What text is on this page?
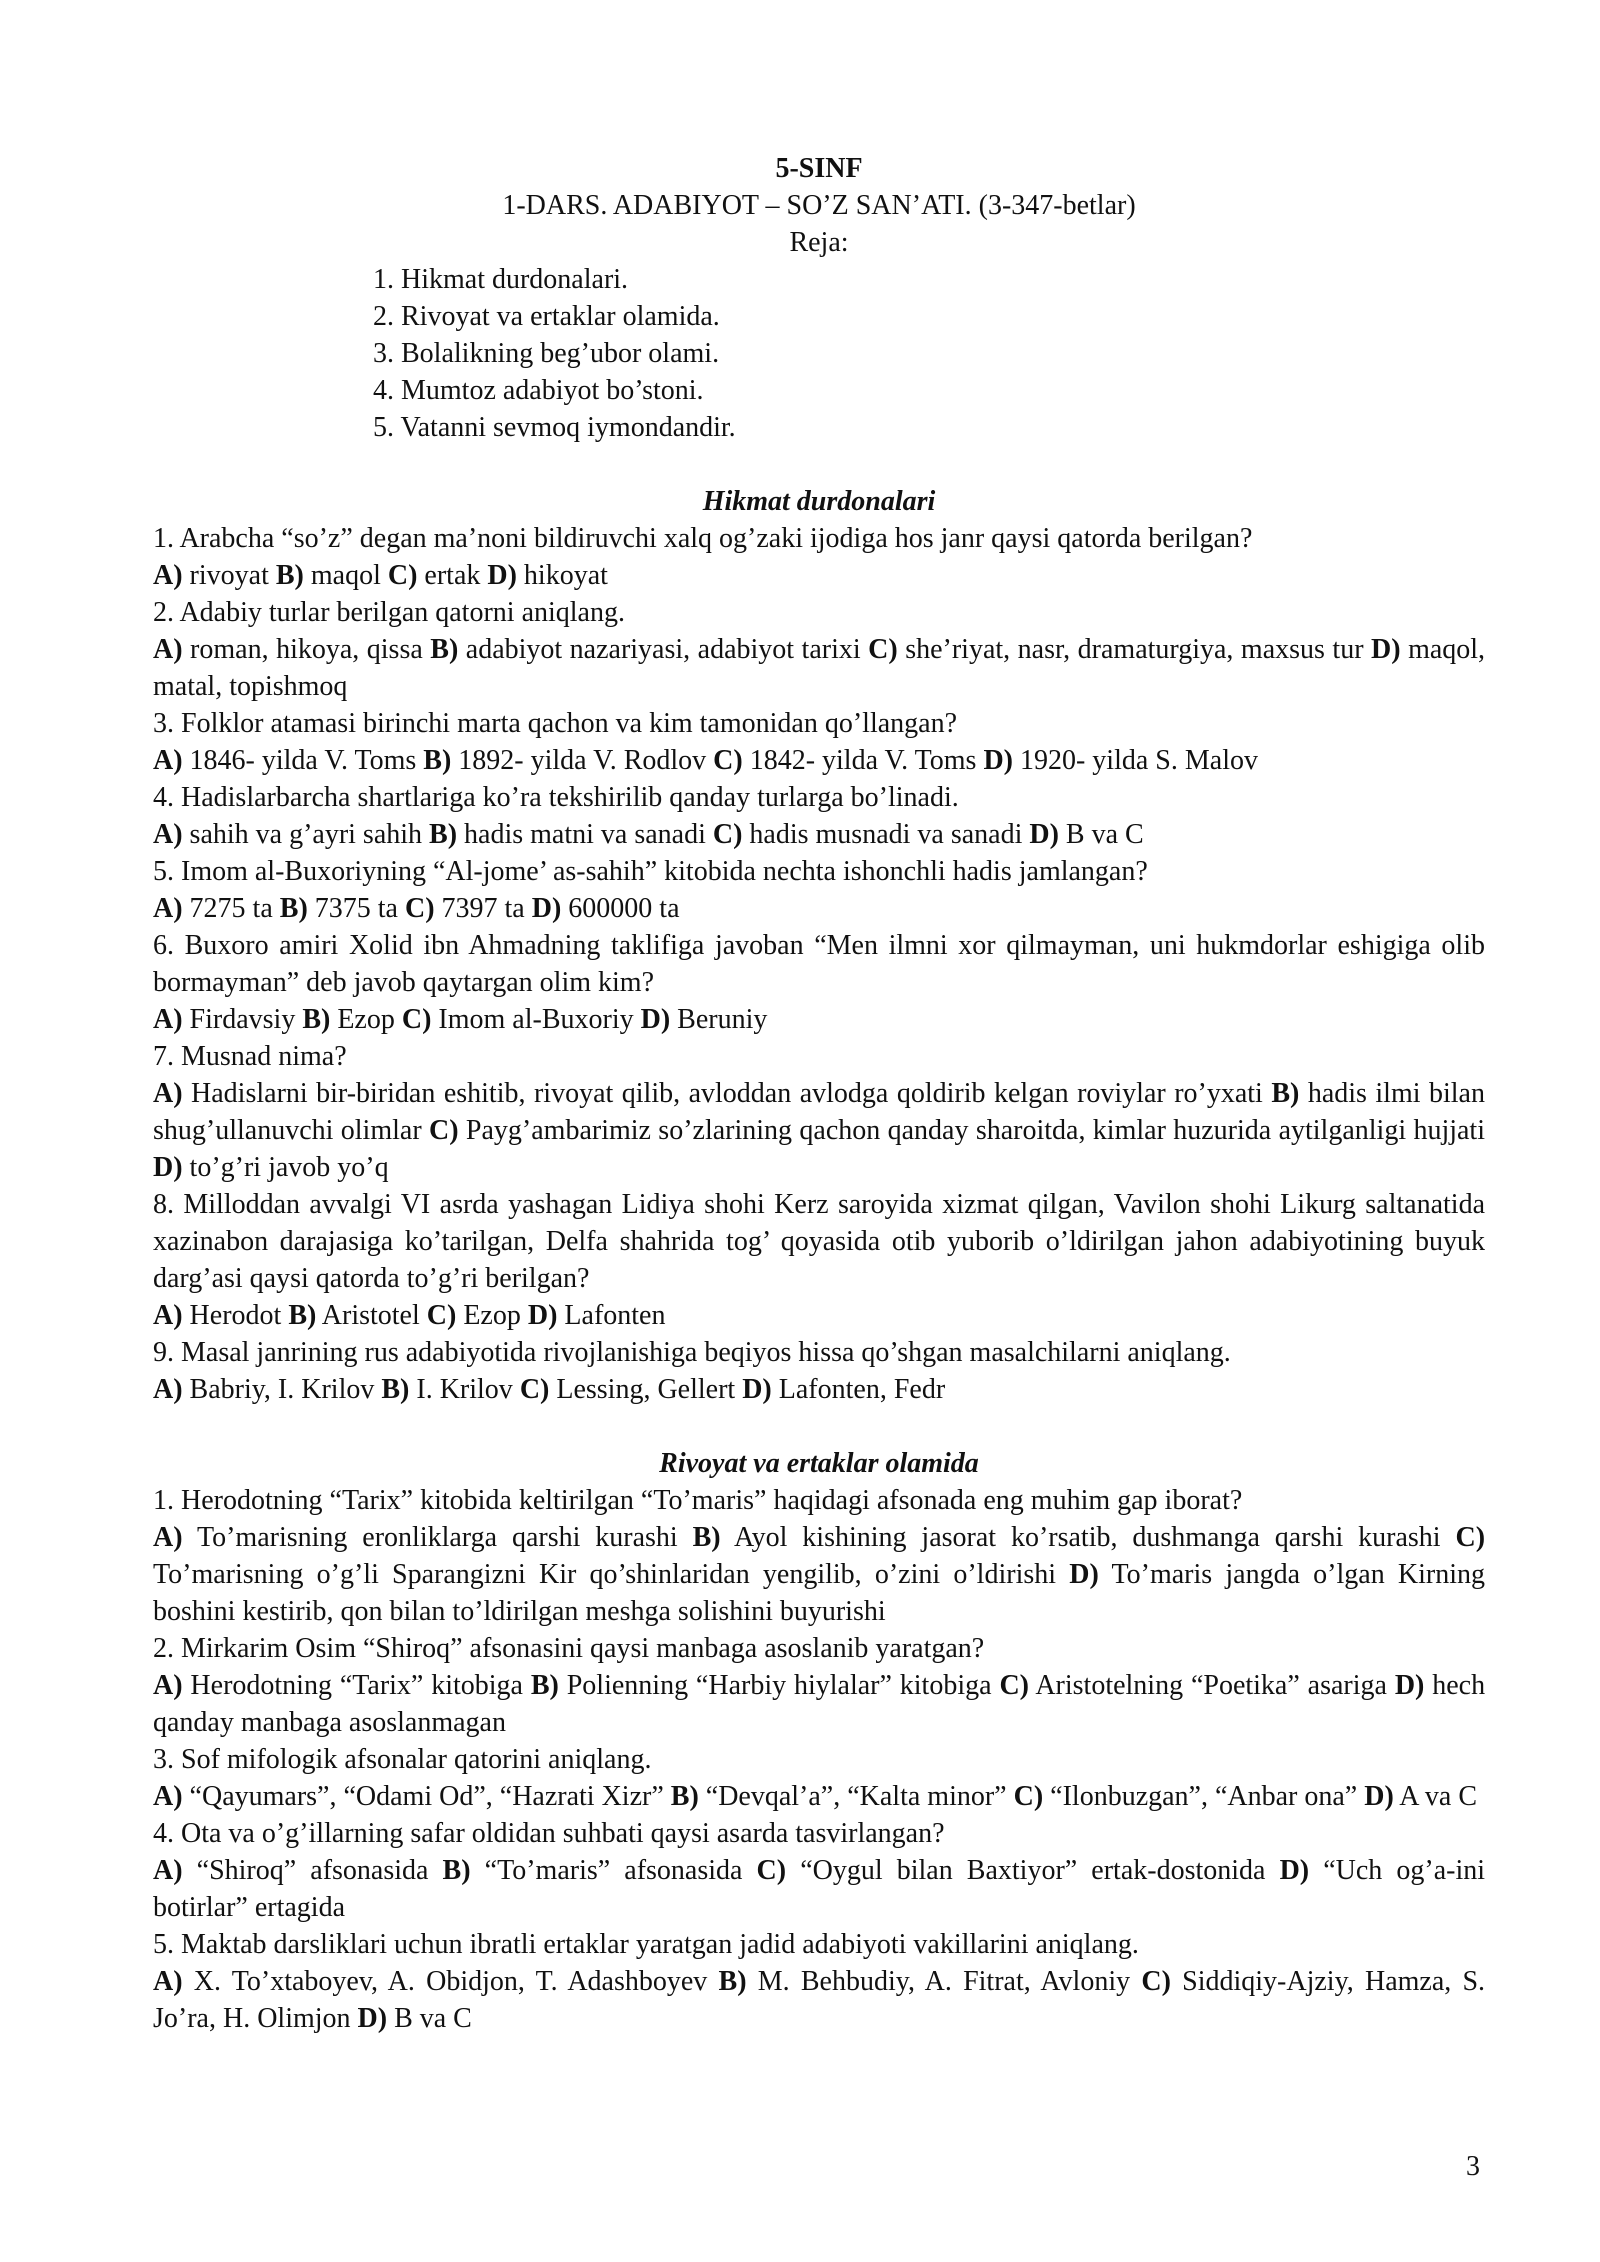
5-SINF
1-DARS. ADABIYOT – SO’Z SAN’ATI. (3-347-betlar)
Reja:
1. Hikmat durdonalari.
2. Rivoyat va ertaklar olamida.
3. Bolalikning beg’ubor olami.
4. Mumtoz adabiyot bo’stoni.
5. Vatanni sevmoq iymondandir.
Hikmat durdonalari
1. Arabcha “so’z” degan ma’noni bildiruvchi xalq og’zaki ijodiga hos janr qaysi qatorda berilgan?
A) rivoyat B) maqol C) ertak D) hikoyat
2. Adabiy turlar berilgan qatorni aniqlang.
A) roman, hikoya, qissa B) adabiyot nazariyasi, adabiyot tarixi C) she’riyat, nasr, dramaturgiya, maxsus tur D) maqol, matal, topishmoq
3. Folklor atamasi birinchi marta qachon va kim tamonidan qo’llangan?
A) 1846- yilda V. Toms B) 1892- yilda V. Rodlov C) 1842- yilda V. Toms D) 1920- yilda S. Malov
4. Hadislarbarcha shartlariga ko’ra tekshirilib qanday turlarga bo’linadi.
A) sahih va g’ayri sahih B) hadis matni va sanadi C) hadis musnadi va sanadi D) B va C
5. Imom al-Buxoriyning “Al-jome’ as-sahih” kitobida nechta ishonchli hadis jamlangan?
A) 7275 ta B) 7375 ta C) 7397 ta D) 600000 ta
6. Buxoro amiri Xolid ibn Ahmadning taklifiga javoban “Men ilmni xor qilmayman, uni hukmdorlar eshigiga olib bormayman” deb javob qaytargan olim kim?
A) Firdavsiy B) Ezop C) Imom al-Buxoriy D) Beruniy
7. Musnad nima?
A) Hadislarni bir-biridan eshitib, rivoyat qilib, avloddan avlodga qoldirib kelgan roviylar ro’yxati B) hadis ilmi bilan shug’ullanuvchi olimlar C) Payg’ambarimiz so’zlarining qachon qanday sharoitda, kimlar huzurida aytilganligi hujjati D) to’g’ri javob yo’q
8. Milloddan avvalgi VI asrda yashagan Lidiya shohi Kerz saroyida xizmat qilgan, Vavilon shohi Likurg saltanatida xazinabon darajasiga ko’tarilgan, Delfa shahrida tog’ qoyasida otib yuborib o’ldirilgan jahon adabiyotining buyuk darg’asi qaysi qatorda to’g’ri berilgan?
A) Herodot B) Aristotel C) Ezop D) Lafonten
9. Masal janrining rus adabiyotida rivojlanishiga beqiyos hissa qo’shgan masalchilarni aniqlang.
A) Babriy, I. Krilov B) I. Krilov C) Lessing, Gellert D) Lafonten, Fedr
Rivoyat va ertaklar olamida
1. Herodotning “Tarix” kitobida keltirilgan “To’maris” haqidagi afsonada eng muhim gap iborat?
A) To’marisning eronliklarga qarshi kurashi B) Ayol kishining jasorat ko’rsatib, dushmanga qarshi kurashi C) To’marisning o’g’li Sparangizni Kir qo’shinlaridan yengilib, o’zini o’ldirishi D) To’maris jangda o’lgan Kirning boshini kestirib, qon bilan to’ldirilgan meshga solishini buyurishi
2. Mirkarim Osim “Shiroq” afsonasini qaysi manbaga asoslanib yaratgan?
A) Herodotning “Tarix” kitobiga B) Polienning “Harbiy hiylalar” kitobiga C) Aristotelning “Poetika” asariga D) hech qanday manbaga asoslanmagan
3. Sof mifologik afsonalar qatorini aniqlang.
A) “Qayumars”, “Odami Od”, “Hazrati Xizr” B) “Devqal’a”, “Kalta minor” C) “Ilonbuzgan”, “Anbar ona” D) A va C
4. Ota va o’g’illarning safar oldidan suhbati qaysi asarda tasvirlangan?
A) “Shiroq” afsonasida B) “To’maris” afsonasida C) “Oygul bilan Baxtiyor” ertak-dostonida D) “Uch og’a-ini botirlar” ertagida
5. Maktab darsliklari uchun ibratli ertaklar yaratgan jadid adabiyoti vakillarini aniqlang.
A) X. To’xtaboyev, A. Obidjon, T. Adashboyev B) M. Behbudiy, A. Fitrat, Avloniy C) Siddiqiy-Ajziy, Hamza, S. Jo’ra, H. Olimjon D) B va C
3
